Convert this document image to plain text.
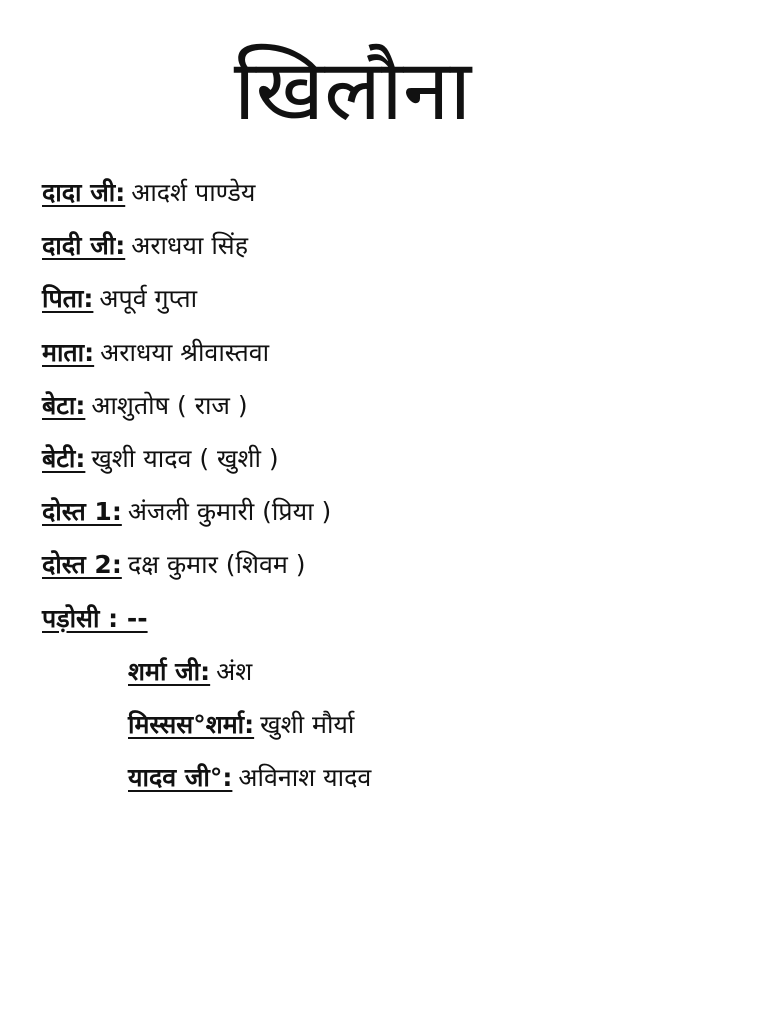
खिलौना
दादा जी: आदर्श पाण्डेय
दादी जी: अराधया सिंह
पिता: अपूर्व गुप्ता
माता: अराधया श्रीवास्तवा
बेटा: आशुतोष ( राज )
बेटी: खुशी यादव ( खुशी )
दोस्त 1: अंजली कुमारी (प्रिया )
दोस्त 2: दक्ष कुमार (शिवम )
पड़ोसी : --
शर्मा जी: अंश
मिस्सस°शर्मा: खुशी मौर्या
यादव जी°: अविनाश यादव
